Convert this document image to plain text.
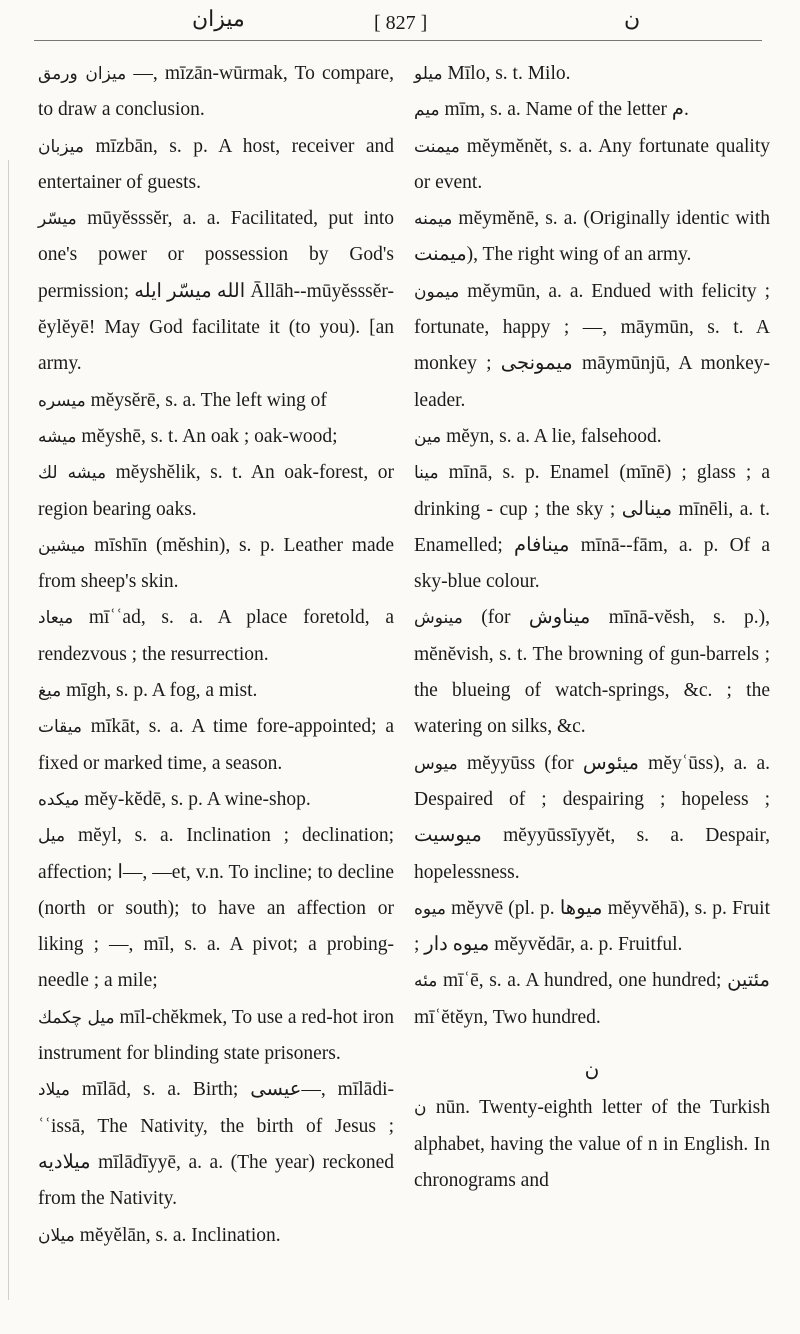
میزان	[ 827 ]	ن

میزان ورمق —, mīzān-wūrmak, To compare, to draw a conclusion.

میزبان mīzbān, s. p. A host, receiver and entertainer of guests.

میسّر mūyĕsssĕr, a. a. Facilitated, put into one's power or possession by God's permission; الله میسّر ایله Āllāh--mūyĕsssĕr-ĕylĕyē! May God facilitate it (to you). [an army.

میسره mĕysĕrē, s. a. The left wing of

میشه mĕyshē, s. t. An oak ; oak-wood;

میشه لك mĕyshĕlik, s. t. An oak-forest, or region bearing oaks.

میشین mīshīn (mĕshin), s. p. Leather made from sheep's skin.

میعاد mīʿʿad, s. a. A place foretold, a rendezvous ; the resurrection.

میغ mīgh, s. p. A fog, a mist.

میقات mīkāt, s. a. A time fore-appointed; a fixed or marked time, a season.

میكده mĕy-kĕdē, s. p. A wine-shop.

میل mĕyl, s. a. Inclination ; declination; affection; ا—, —et, v.n. To incline; to decline (north or south); to have an affection or liking ; —, mīl, s. a. A pivot; a probing-needle ; a mile;

میل چكمك mīl-chĕkmek, To use a red-hot iron instrument for blinding state prisoners.

میلاد mīlād, s. a. Birth; عیسی—, mīlādi-ʿʿissā, The Nativity, the birth of Jesus ; میلادیه mīlādīyyē, a. a. (The year) reckoned from the Nativity.

میلان mĕyĕlān, s. a. Inclination.

میلو Mīlo, s. t. Milo.

میم mīm, s. a. Name of the letter م.

میمنت mĕymĕnĕt, s. a. Any fortunate quality or event.

میمنه mĕymĕnē, s. a. (Originally identic with میمنت), The right wing of an army.

میمون mĕymūn, a. a. Endued with felicity ; fortunate, happy ; —, māymūn, s. t. A monkey ; میمونجی māymūnjū, A monkey-leader.

مین mĕyn, s. a. A lie, falsehood.

مینا mīnā, s. p. Enamel (mīnē) ; glass ; a drinking - cup ; the sky ; مینالی mīnēli, a. t. Enamelled; مینافام mīnā--fām, a. p. Of a sky-blue colour.

مینوش (for میناوش mīnā-vĕsh, s. p.), mĕnĕvish, s. t. The browning of gun-barrels ; the blueing of watch-springs, &c. ; the watering on silks, &c.

میوس mĕyyūss (for میئوس mĕyʿūss), a. a. Despaired of ; despairing ; hopeless ; میوسیت mĕyyūssīyyĕt, s. a. Despair, hopelessness.

میوه mĕyvē (pl. p. میوها mĕyvĕhā), s. p. Fruit ; میوه دار mĕyvĕdār, a. p. Fruitful.

مئه mīʿē, s. a. A hundred, one hundred; مئتین mīʿĕtĕyn, Two hundred.

ن

ن nūn. Twenty-eighth letter of the Turkish alphabet, having the value of n in English. In chronograms and
